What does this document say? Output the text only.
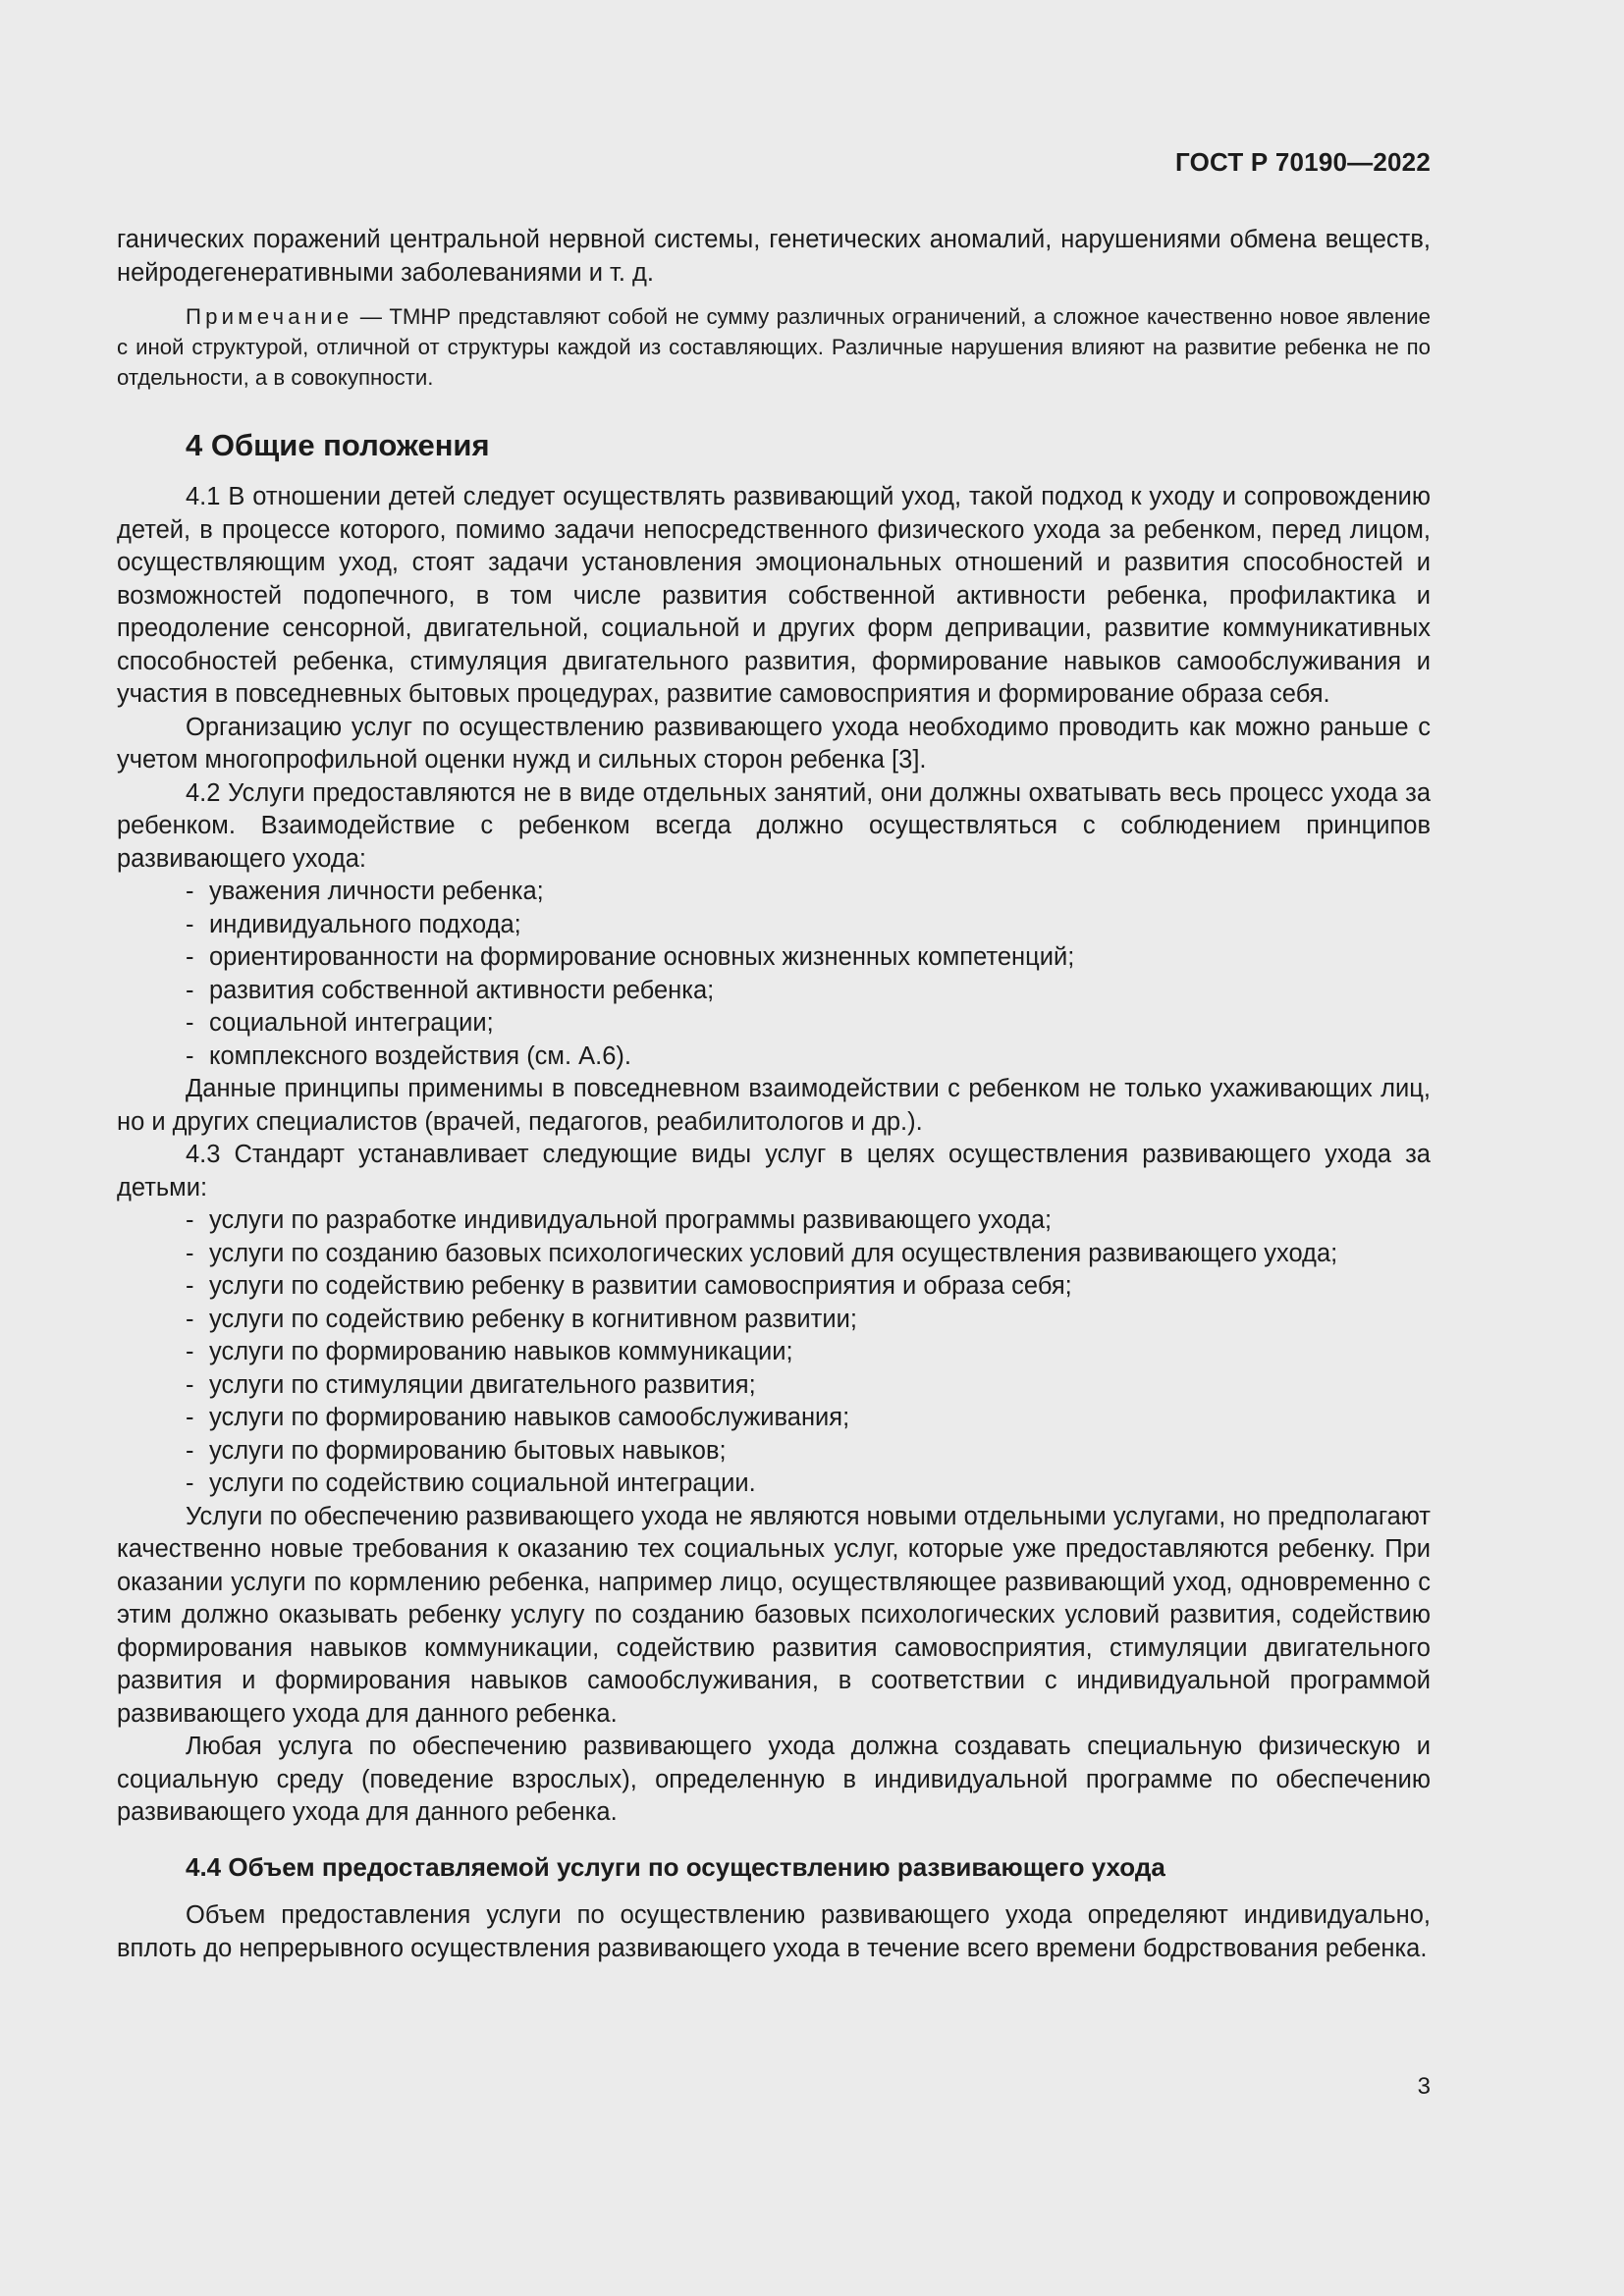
ГОСТ Р 70190—2022

ганических поражений центральной нервной системы, генетических аномалий, нарушениями обмена веществ, нейродегенеративными заболеваниями и т. д.

Примечание — ТМНР представляют собой не сумму различных ограничений, а сложное качественно новое явление с иной структурой, отличной от структуры каждой из составляющих. Различные нарушения влияют на развитие ребенка не по отдельности, а в совокупности.

4 Общие положения

4.1 В отношении детей следует осуществлять развивающий уход, такой подход к уходу и сопровождению детей, в процессе которого, помимо задачи непосредственного физического ухода за ребенком, перед лицом, осуществляющим уход, стоят задачи установления эмоциональных отношений и развития способностей и возможностей подопечного, в том числе развития собственной активности ребенка, профилактика и преодоление сенсорной, двигательной, социальной и других форм депривации, развитие коммуникативных способностей ребенка, стимуляция двигательного развития, формирование навыков самообслуживания и участия в повседневных бытовых процедурах, развитие самовосприятия и формирование образа себя.

Организацию услуг по осуществлению развивающего ухода необходимо проводить как можно раньше с учетом многопрофильной оценки нужд и сильных сторон ребенка [3].

4.2 Услуги предоставляются не в виде отдельных занятий, они должны охватывать весь процесс ухода за ребенком. Взаимодействие с ребенком всегда должно осуществляться с соблюдением принципов развивающего ухода:

- уважения личности ребенка;
- индивидуального подхода;
- ориентированности на формирование основных жизненных компетенций;
- развития собственной активности ребенка;
- социальной интеграции;
- комплексного воздействия (см. А.6).

Данные принципы применимы в повседневном взаимодействии с ребенком не только ухаживающих лиц, но и других специалистов (врачей, педагогов, реабилитологов и др.).

4.3 Стандарт устанавливает следующие виды услуг в целях осуществления развивающего ухода за детьми:

- услуги по разработке индивидуальной программы развивающего ухода;
- услуги по созданию базовых психологических условий для осуществления развивающего ухода;
- услуги по содействию ребенку в развитии самовосприятия и образа себя;
- услуги по содействию ребенку в когнитивном развитии;
- услуги по формированию навыков коммуникации;
- услуги по стимуляции двигательного развития;
- услуги по формированию навыков самообслуживания;
- услуги по формированию бытовых навыков;
- услуги по содействию социальной интеграции.

Услуги по обеспечению развивающего ухода не являются новыми отдельными услугами, но предполагают качественно новые требования к оказанию тех социальных услуг, которые уже предоставляются ребенку. При оказании услуги по кормлению ребенка, например лицо, осуществляющее развивающий уход, одновременно с этим должно оказывать ребенку услугу по созданию базовых психологических условий развития, содействию формирования навыков коммуникации, содействию развития самовосприятия, стимуляции двигательного развития и формирования навыков самообслуживания, в соответствии с индивидуальной программой развивающего ухода для данного ребенка.

Любая услуга по обеспечению развивающего ухода должна создавать специальную физическую и социальную среду (поведение взрослых), определенную в индивидуальной программе по обеспечению развивающего ухода для данного ребенка.

4.4 Объем предоставляемой услуги по осуществлению развивающего ухода

Объем предоставления услуги по осуществлению развивающего ухода определяют индивидуально, вплоть до непрерывного осуществления развивающего ухода в течение всего времени бодрствования ребенка.

3
